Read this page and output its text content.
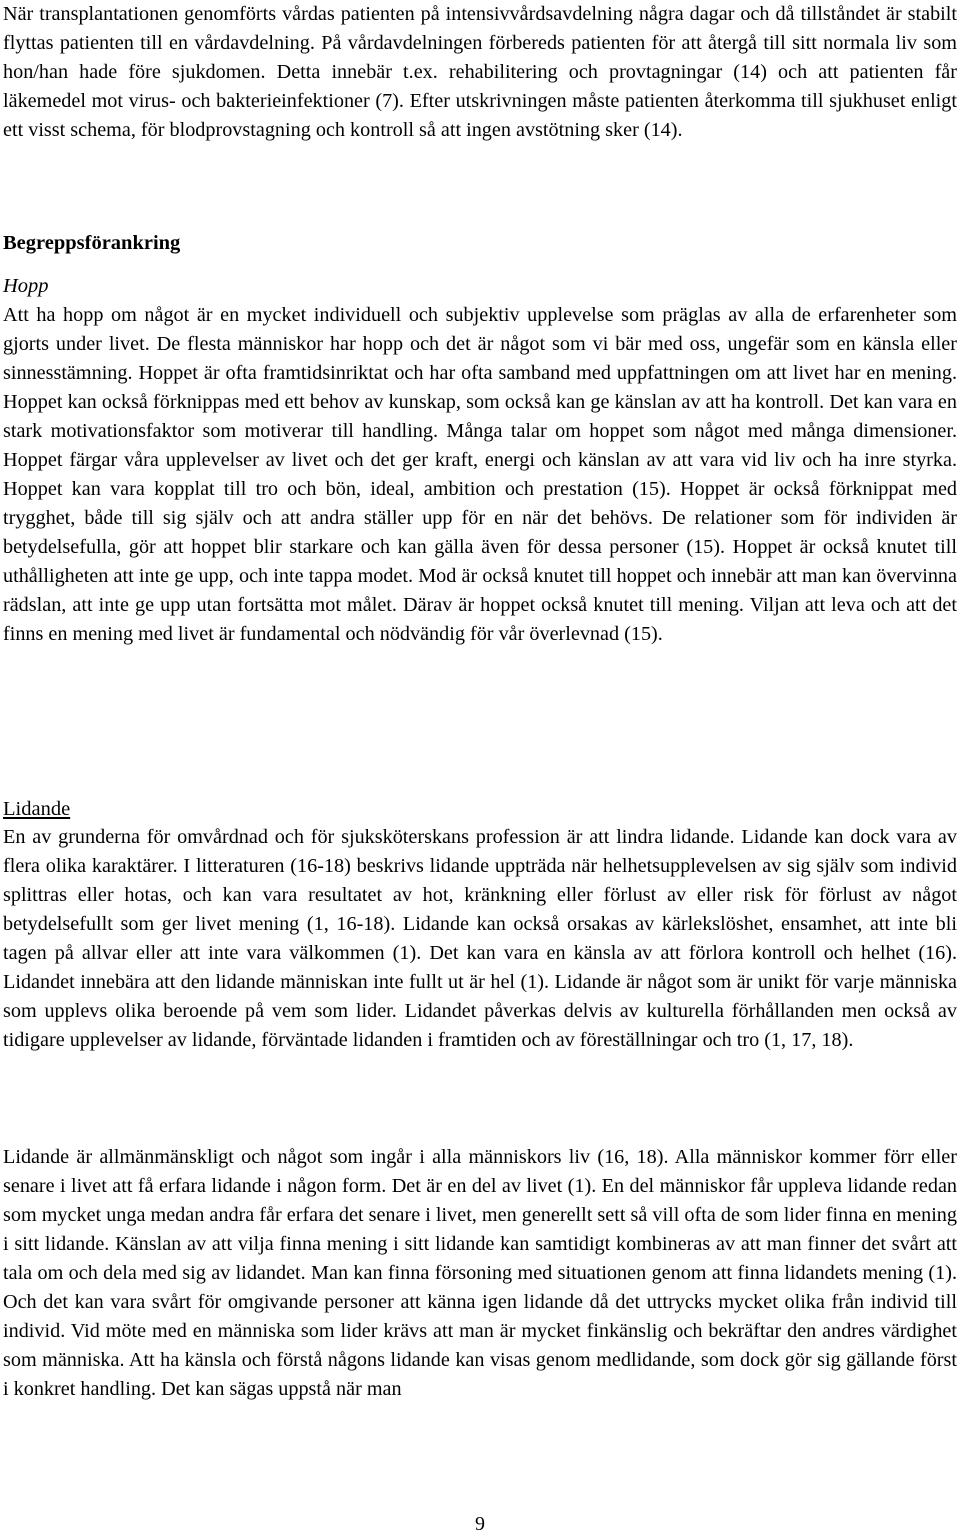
När transplantationen genomförts vårdas patienten på intensivvårdsavdelning några dagar och då tillståndet är stabilt flyttas patienten till en vårdavdelning. På vårdavdelningen förbereds patienten för att återgå till sitt normala liv som hon/han hade före sjukdomen. Detta innebär t.ex. rehabilitering och provtagningar (14) och att patienten får läkemedel mot virus- och bakterieinfektioner (7). Efter utskrivningen måste patienten återkomma till sjukhuset enligt ett visst schema, för blodprovstagning och kontroll så att ingen avstötning sker (14).

Begreppsförankring
Hopp

Att ha hopp om något är en mycket individuell och subjektiv upplevelse som präglas av alla de erfarenheter som gjorts under livet. De flesta människor har hopp och det är något som vi bär med oss, ungefär som en känsla eller sinnesstämning. Hoppet är ofta framtidsinriktat och har ofta samband med uppfattningen om att livet har en mening. Hoppet kan också förknippas med ett behov av kunskap, som också kan ge känslan av att ha kontroll. Det kan vara en stark motivationsfaktor som motiverar till handling. Många talar om hoppet som något med många dimensioner. Hoppet färgar våra upplevelser av livet och det ger kraft, energi och känslan av att vara vid liv och ha inre styrka. Hoppet kan vara kopplat till tro och bön, ideal, ambition och prestation (15). Hoppet är också förknippat med trygghet, både till sig själv och att andra ställer upp för en när det behövs. De relationer som för individen är betydelsefulla, gör att hoppet blir starkare och kan gälla även för dessa personer (15). Hoppet är också knutet till uthålligheten att inte ge upp, och inte tappa modet. Mod är också knutet till hoppet och innebär att man kan övervinna rädslan, att inte ge upp utan fortsätta mot målet. Därav är hoppet också knutet till mening. Viljan att leva och att det finns en mening med livet är fundamental och nödvändig för vår överlevnad (15).

Lidande

En av grunderna för omvårdnad och för sjuksköterskans profession är att lindra lidande. Lidande kan dock vara av flera olika karaktärer. I litteraturen (16-18) beskrivs lidande uppträda när helhetsupplevelsen av sig själv som individ splittras eller hotas, och kan vara resultatet av hot, kränkning eller förlust av eller risk för förlust av något betydelsefullt som ger livet mening (1, 16-18). Lidande kan också orsakas av kärlekslöshet, ensamhet, att inte bli tagen på allvar eller att inte vara välkommen (1). Det kan vara en känsla av att förlora kontroll och helhet (16). Lidandet innebära att den lidande människan inte fullt ut är hel (1). Lidande är något som är unikt för varje människa som upplevs olika beroende på vem som lider. Lidandet påverkas delvis av kulturella förhållanden men också av tidigare upplevelser av lidande, förväntade lidanden i framtiden och av föreställningar och tro (1, 17, 18).

Lidande är allmänmänskligt och något som ingår i alla människors liv (16, 18). Alla människor kommer förr eller senare i livet att få erfara lidande i någon form. Det är en del av livet (1). En del människor får uppleva lidande redan som mycket unga medan andra får erfara det senare i livet, men generellt sett så vill ofta de som lider finna en mening i sitt lidande. Känslan av att vilja finna mening i sitt lidande kan samtidigt kombineras av att man finner det svårt att tala om och dela med sig av lidandet. Man kan finna försoning med situationen genom att finna lidandets mening (1). Och det kan vara svårt för omgivande personer att känna igen lidande då det uttrycks mycket olika från individ till individ. Vid möte med en människa som lider krävs att man är mycket finkänslig och bekräftar den andres värdighet som människa. Att ha känsla och förstå någons lidande kan visas genom medlidande, som dock gör sig gällande först i konkret handling. Det kan sägas uppstå när man

9
